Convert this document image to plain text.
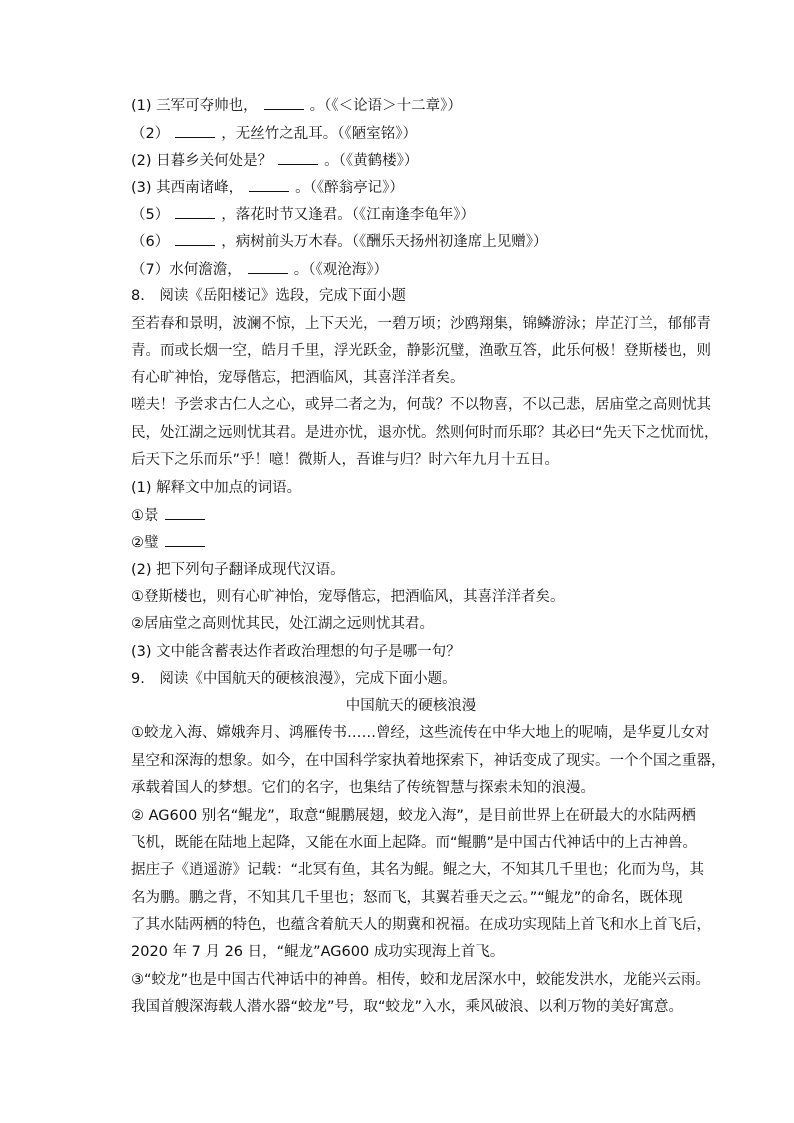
(1) 三军可夺帅也，	。（《＜论语＞十二章》）
（2）	，无丝竹之乱耳。（《陋室铭》）
(2) 日暮乡关何处是？	。（《黄鹤楼》）
(3) 其西南诸峰，	。（《醉翁亭记》）
（5）	，落花时节又逢君。（《江南逢李龟年》）
（6）	，病树前头万木春。（《酬乐天扬州初逢席上见赠》）
（7）水何澹澹，	。（《观沧海》）
8.　阅读《岳阳楼记》选段，完成下面小题
至若春和景明，波澜不惊，上下天光，一碧万顷；沙鸥翔集，锦鳞游泳；岸芷汀兰，郁郁青
青。而或长烟一空，皓月千里，浮光跃金，静影沉璧，渔歌互答，此乐何极！登斯楼也，则
有心旷神怡，宠辱偕忘，把酒临风，其喜洋洋者矣。
嗟夫！予尝求古仁人之心，或异二者之为，何哉？不以物喜，不以己悲，居庙堂之高则忧其
民，处江湖之远则忧其君。是进亦忧，退亦忧。然则何时而乐耶？其必曰“先天下之忧而忧，
后天下之乐而乐”乎！噫！微斯人，吾谁与归？时六年九月十五日。
(1) 解释文中加点的词语。
①景
②璧
(2) 把下列句子翻译成现代汉语。
①登斯楼也，则有心旷神怡，宠辱偕忘，把酒临风，其喜洋洋者矣。
②居庙堂之高则忧其民，处江湖之远则忧其君。
(3) 文中能含蓄表达作者政治理想的句子是哪一句？
9.　阅读《中国航天的硬核浪漫》，完成下面小题。
中国航天的硬核浪漫
①蛟龙入海、嫦娥奔月、鸿雁传书……曾经，这些流传在中华大地上的呢喃，是华夏儿女对
星空和深海的想象。如今，在中国科学家执着地探索下，神话变成了现实。一个个国之重器，
承载着国人的梦想。它们的名字，也集结了传统智慧与探索未知的浪漫。
② AG600 别名“鲲龙”，取意“鲲鹏展翅，蛟龙入海”，是目前世界上在研最大的水陆两栖
飞机，既能在陆地上起降，又能在水面上起降。而“鲲鹏”是中国古代神话中的上古神兽。
据庄子《逍遥游》记载：“北冥有鱼，其名为鲲。鲲之大，不知其几千里也；化而为鸟，其
名为鹏。鹏之背，不知其几千里也；怒而飞，其翼若垂天之云。”“鲲龙”的命名，既体现
了其水陆两栖的特色，也蕴含着航天人的期冀和祝福。在成功实现陆上首飞和水上首飞后，
2020 年 7 月 26 日，“鲲龙”AG600 成功实现海上首飞。
③“蛟龙”也是中国古代神话中的神兽。相传，蛟和龙居深水中，蛟能发洪水，龙能兴云雨。
我国首艘深海载人潜水器“蛟龙”号，取“蛟龙”入水，乘风破浪、以利万物的美好寓意。
